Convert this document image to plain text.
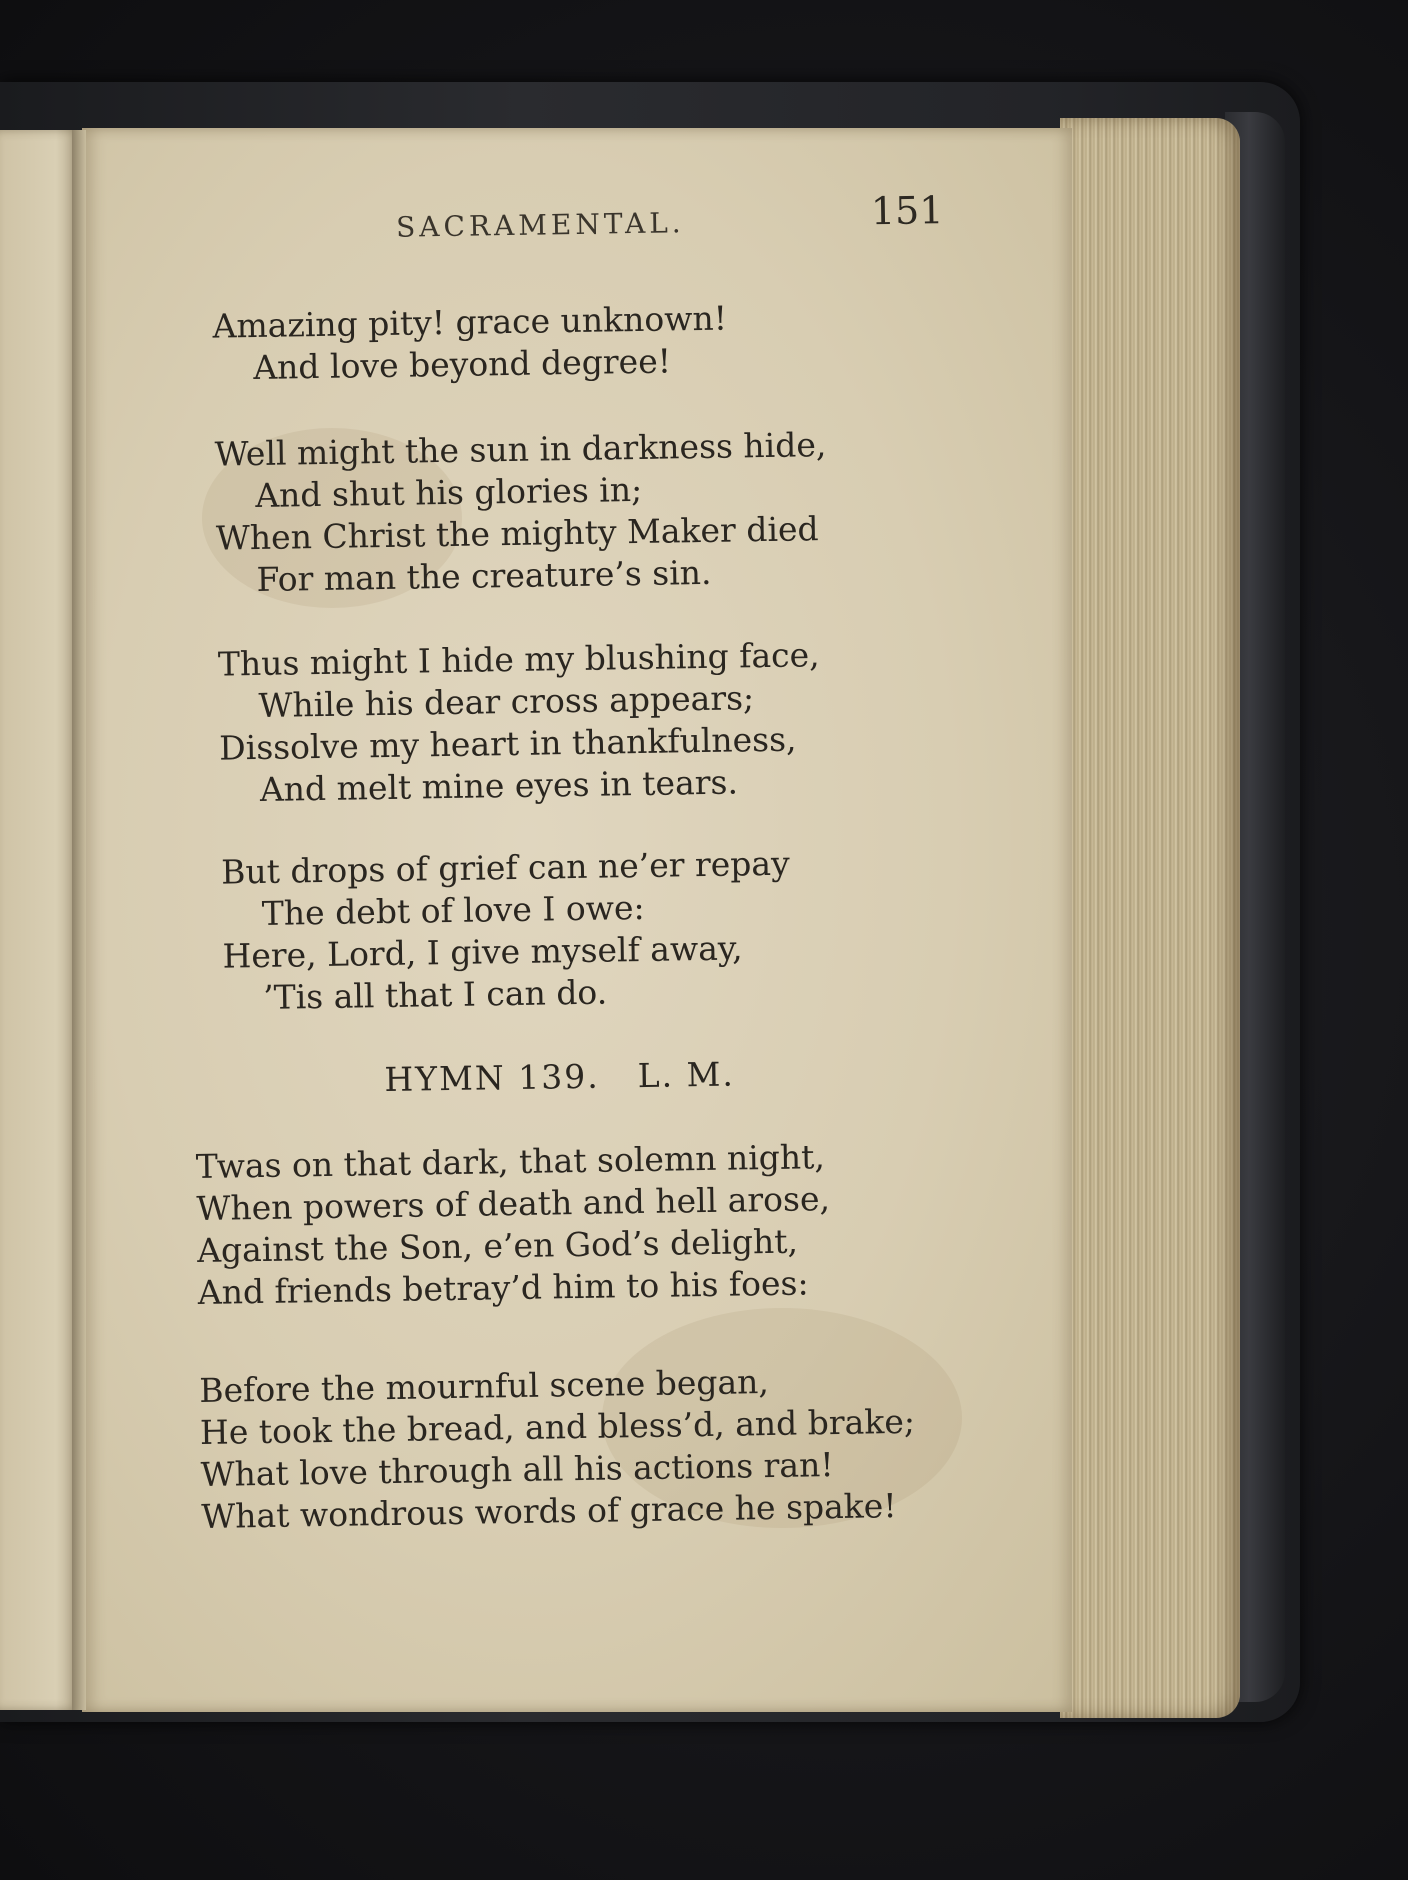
SACRAMENTAL.	151
Amazing pity! grace unknown!
And love beyond degree!
Well might the sun in darkness hide,
And shut his glories in;
When Christ the mighty Maker died
For man the creature’s sin.
Thus might I hide my blushing face,
While his dear cross appears;
Dissolve my heart in thankfulness,
And melt mine eyes in tears.
But drops of grief can ne’er repay
The debt of love I owe:
Here, Lord, I give myself away,
’Tis all that I can do.
HYMN 139. L. M.
Twas on that dark, that solemn night,
When powers of death and hell arose,
Against the Son, e’en God’s delight,
And friends betray’d him to his foes:
Before the mournful scene began,
He took the bread, and bless’d, and brake;
What love through all his actions ran!
What wondrous words of grace he spake!
